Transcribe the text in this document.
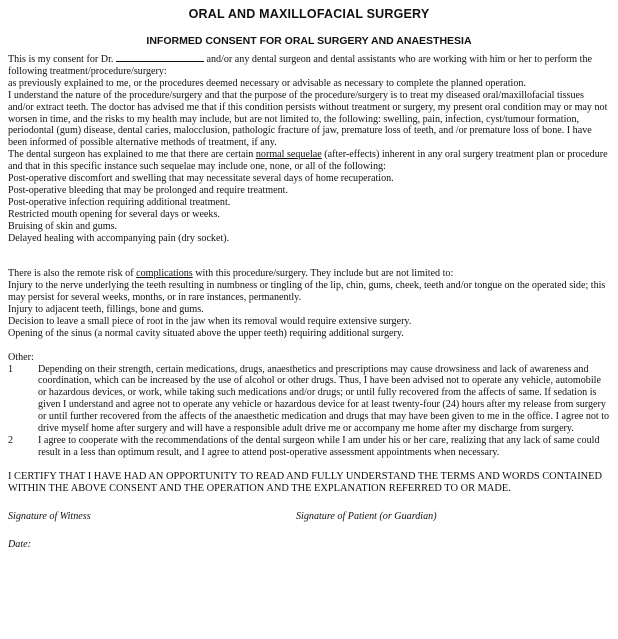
ORAL AND MAXILLOFACIAL SURGERY
INFORMED CONSENT FOR ORAL SURGERY AND ANAESTHESIA

This is my consent for Dr.	and/or any dental surgeon and dental assistants who are working with him or her to perform the following treatment/procedure/surgery:

as previously explained to me, or the procedures deemed necessary or advisable as necessary to complete the planned operation.

I understand the nature of the procedure/surgery and that the purpose of the procedure/surgery is to treat my diseased oral/maxillofacial tissues and/or extract teeth. The doctor has advised me that if this condition persists without treatment or surgery, my present oral condition may or may not worsen in time, and the risks to my health may include, but are not limited to, the following: swelling, pain, infection, cyst/tumour formation, periodontal (gum) disease, dental caries, malocclusion, pathologic fracture of jaw, premature loss of teeth, and /or premature loss of bone. I have been informed of possible alternative methods of treatment, if any.

The dental surgeon has explained to me that there are certain normal sequelae (after-effects) inherent in any oral surgery treatment plan or procedure and that in this specific instance such sequelae may include one, none, or all of the following:

Post-operative discomfort and swelling that may necessitate several days of home recuperation.

Post-operative bleeding that may be prolonged and require treatment.

Post-operative infection requiring additional treatment.

Restricted mouth opening for several days or weeks.

Bruising of skin and gums.

Delayed healing with accompanying pain (dry socket).

There is also the remote risk of complications with this procedure/surgery. They include but are not limited to:

Injury to the nerve underlying the teeth resulting in numbness or tingling of the lip, chin, gums, cheek, teeth and/or tongue on the operated side; this may persist for several weeks, months, or in rare instances, permanently.

Injury to adjacent teeth, fillings, bone and gums.

Decision to leave a small piece of root in the jaw when its removal would require extensive surgery.

Opening of the sinus (a normal cavity situated above the upper teeth) requiring additional surgery.

Other:

1	Depending on their strength, certain medications, drugs, anaesthetics and prescriptions may cause drowsiness and lack of awareness and coordination, which can be increased by the use of alcohol or other drugs. Thus, I have been advised not to operate any vehicle, automobile or hazardous devices, or work, while taking such medications and/or drugs; or until fully recovered from the affects of same. If sedation is given I understand and agree not to operate any vehicle or hazardous device for at least twenty-four (24) hours after my release from surgery or until further recovered from the affects of the anaesthetic medication and drugs that may have been given to me in the office. I agree not to drive myself home after surgery and will have a responsible adult drive me or accompany me home after my discharge from surgery.
2	I agree to cooperate with the recommendations of the dental surgeon while I am under his or her care, realizing that any lack of same could result in a less than optimum result, and I agree to attend post-operative assessment appointments when necessary.

I CERTIFY THAT I HAVE HAD AN OPPORTUNITY TO READ AND FULLY UNDERSTAND THE TERMS AND WORDS CONTAINED WITHIN THE ABOVE CONSENT AND THE OPERATION AND THE EXPLANATION REFERRED TO OR MADE.

Signature of Witness	Signature of Patient (or Guardian)
Date:
